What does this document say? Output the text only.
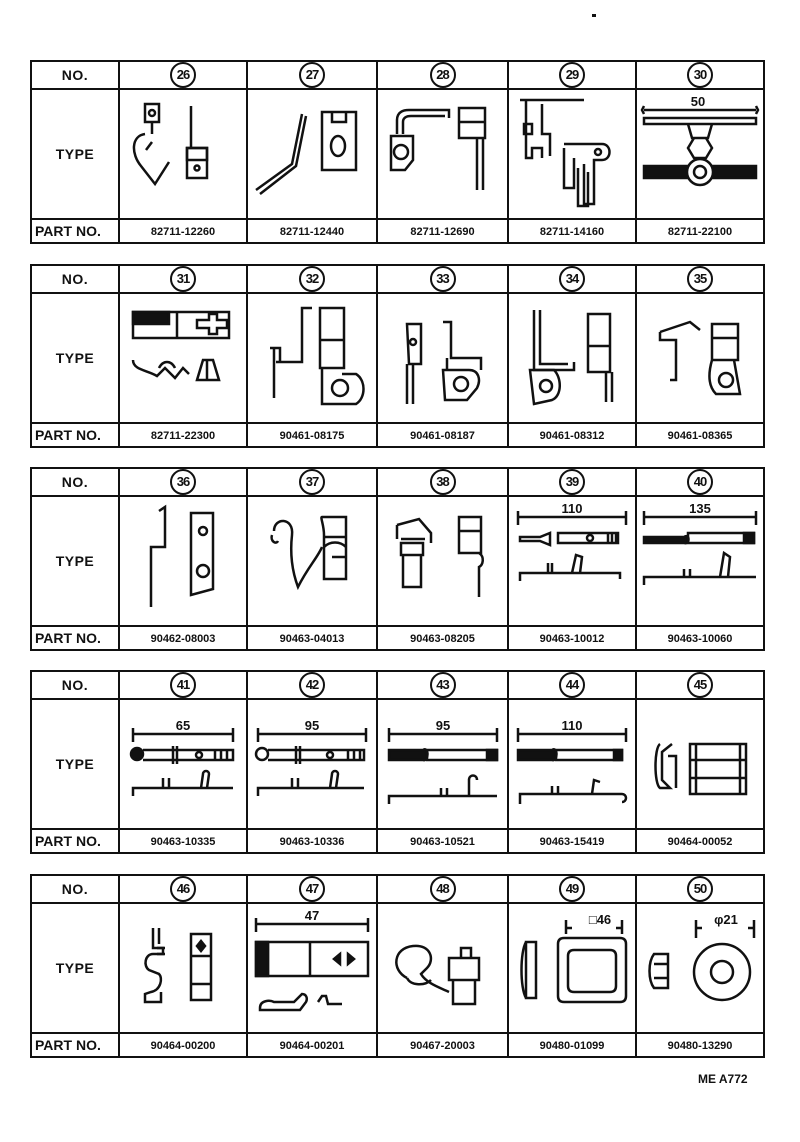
NO.	26	27	28	29	30
TYPE					50

PART NO.	82711-12260	82711-12440	82711-12690	82711-14160	82711-22100
NO.	31	32	33	34	35
TYPE	

PART NO.	82711-22300	90461-08175	90461-08187	90461-08312	90461-08365
NO.	36	37	38	39	40
TYPE				110	135

PART NO.	90462-08003	90463-04013	90463-08205	90463-10012	90463-10060
NO.	41	42	43	44	45
TYPE	65	95	95	110

PART NO.	90463-10335	90463-10336	90463-10521	90463-15419	90464-00052
NO.	46	47	48	49	50
TYPE		47		□46	φ21

PART NO.	90464-00200	90464-00201	90467-20003	90480-01099	90480-13290
ME A772
